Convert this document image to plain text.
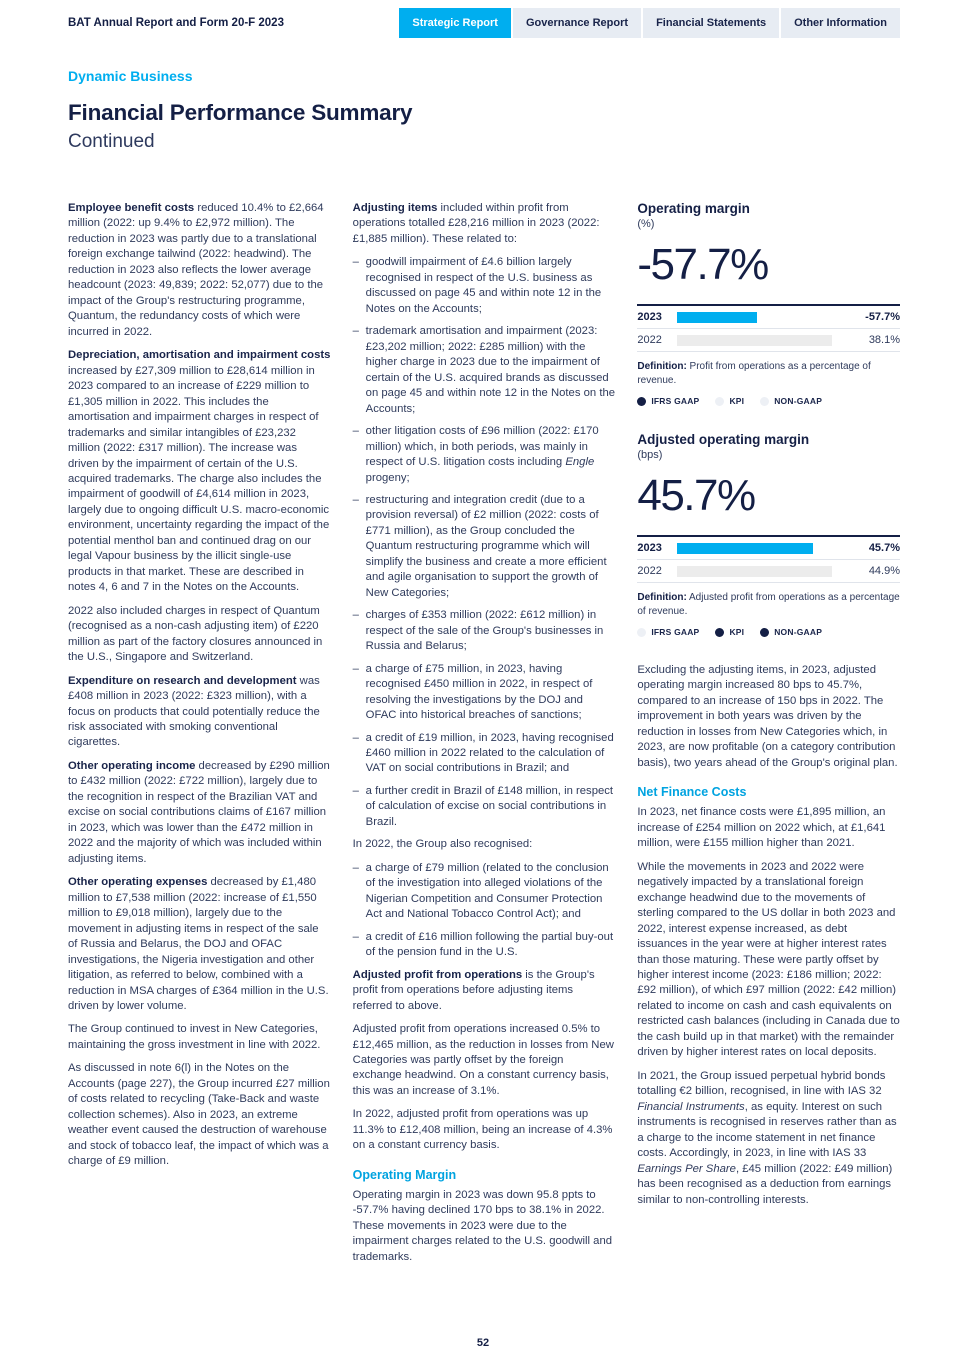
BAT Annual Report and Form 20-F 2023	Strategic Report	Governance Report	Financial Statements	Other Information
Dynamic Business
Financial Performance Summary
Continued

Employee benefit costs reduced 10.4% to £2,664 million (2022: up 9.4% to £2,972 million). The reduction in 2023 was partly due to a translational foreign exchange tailwind (2022: headwind). The reduction in 2023 also reflects the lower average headcount (2023: 49,839; 2022: 52,077) due to the impact of the Group's restructuring programme, Quantum, the redundancy costs of which were incurred in 2022.

Depreciation, amortisation and impairment costs increased by £27,309 million to £28,614 million in 2023 compared to an increase of £229 million to £1,305 million in 2022. This includes the amortisation and impairment charges in respect of trademarks and similar intangibles of £23,232 million (2022: £317 million). The increase was driven by the impairment of certain of the U.S. acquired trademarks. The charge also includes the impairment of goodwill of £4,614 million in 2023, largely due to ongoing difficult U.S. macro-economic environment, uncertainty regarding the impact of the potential menthol ban and continued drag on our legal Vapour business by the illicit single-use products in that market. These are described in notes 4, 6 and 7 in the Notes on the Accounts.

2022 also included charges in respect of Quantum (recognised as a non-cash adjusting item) of £220 million as part of the factory closures announced in the U.S., Singapore and Switzerland.

Expenditure on research and development was £408 million in 2023 (2022: £323 million), with a focus on products that could potentially reduce the risk associated with smoking conventional cigarettes.

Other operating income decreased by £290 million to £432 million (2022: £722 million), largely due to the recognition in respect of the Brazilian VAT and excise on social contributions claims of £167 million in 2023, which was lower than the £472 million in 2022 and the majority of which was included within adjusting items.

Other operating expenses decreased by £1,480 million to £7,538 million (2022: increase of £1,550 million to £9,018 million), largely due to the movement in adjusting items in respect of the sale of Russia and Belarus, the DOJ and OFAC investigations, the Nigeria investigation and other litigation, as referred to below, combined with a reduction in MSA charges of £364 million in the U.S. driven by lower volume.

The Group continued to invest in New Categories, maintaining the gross investment in line with 2022.

As discussed in note 6(l) in the Notes on the Accounts (page 227), the Group incurred £27 million of costs related to recycling (Take-Back and waste collection schemes). Also in 2023, an extreme weather event caused the destruction of warehouse and stock of tobacco leaf, the impact of which was a charge of £9 million.

Adjusting items included within profit from operations totalled £28,216 million in 2023 (2022: £1,885 million). These related to:

– goodwill impairment of £4.6 billion largely recognised in respect of the U.S. business as discussed on page 45 and within note 12 in the Notes on the Accounts;
– trademark amortisation and impairment (2023: £23,202 million; 2022: £285 million) with the higher charge in 2023 due to the impairment of certain of the U.S. acquired brands as discussed on page 45 and within note 12 in the Notes on the Accounts;
– other litigation costs of £96 million (2022: £170 million) which, in both periods, was mainly in respect of U.S. litigation costs including Engle progeny;
– restructuring and integration credit (due to a provision reversal) of £2 million (2022: costs of £771 million), as the Group concluded the Quantum restructuring programme which will simplify the business and create a more efficient and agile organisation to support the growth of New Categories;
– charges of £353 million (2022: £612 million) in respect of the sale of the Group's businesses in Russia and Belarus;
– a charge of £75 million, in 2023, having recognised £450 million in 2022, in respect of resolving the investigations by the DOJ and OFAC into historical breaches of sanctions;
– a credit of £19 million, in 2023, having recognised £460 million in 2022 related to the calculation of VAT on social contributions in Brazil; and
– a further credit in Brazil of £148 million, in respect of calculation of excise on social contributions in Brazil.

In 2022, the Group also recognised:

– a charge of £79 million (related to the conclusion of the investigation into alleged violations of the Nigerian Competition and Consumer Protection Act and National Tobacco Control Act); and
– a credit of £16 million following the partial buy-out of the pension fund in the U.S.

Adjusted profit from operations is the Group's profit from operations before adjusting items referred to above.

Adjusted profit from operations increased 0.5% to £12,465 million, as the reduction in losses from New Categories was partly offset by the foreign exchange headwind. On a constant currency basis, this was an increase of 3.1%.

In 2022, adjusted profit from operations was up 11.3% to £12,408 million, being an increase of 4.3% on a constant currency basis.

Operating Margin

Operating margin in 2023 was down 95.8 ppts to -57.7% having declined 170 bps to 38.1% in 2022. These movements in 2023 were due to the impairment charges related to the U.S. goodwill and trademarks.

Operating margin
(%)
-57.7%
2023	-57.7%
2022	38.1%
Definition: Profit from operations as a percentage of revenue.
IFRS GAAP	KPI	NON-GAAP
Adjusted operating margin
(bps)
45.7%
2023	45.7%
2022	44.9%
Definition: Adjusted profit from operations as a percentage of revenue.
IFRS GAAP	KPI	NON-GAAP

Excluding the adjusting items, in 2023, adjusted operating margin increased 80 bps to 45.7%, compared to an increase of 150 bps in 2022. The improvement in both years was driven by the reduction in losses from New Categories which, in 2023, are now profitable (on a category contribution basis), two years ahead of the Group's original plan.

Net Finance Costs

In 2023, net finance costs were £1,895 million, an increase of £254 million on 2022 which, at £1,641 million, were £155 million higher than 2021.

While the movements in 2023 and 2022 were negatively impacted by a translational foreign exchange headwind due to the movements of sterling compared to the US dollar in both 2023 and 2022, interest expense increased, as debt issuances in the year were at higher interest rates than those maturing. These were partly offset by higher interest income (2023: £186 million; 2022: £92 million), of which £97 million (2022: £42 million) related to income on cash and cash equivalents on restricted cash balances (including in Canada due to the cash build up in that market) with the remainder driven by higher interest rates on local deposits.

In 2021, the Group issued perpetual hybrid bonds totalling €2 billion, recognised, in line with IAS 32 Financial Instruments, as equity. Interest on such instruments is recognised in reserves rather than as a charge to the income statement in net finance costs. Accordingly, in 2023, in line with IAS 33 Earnings Per Share, £45 million (2022: £49 million) has been recognised as a deduction from earnings similar to non-controlling interests.

52
